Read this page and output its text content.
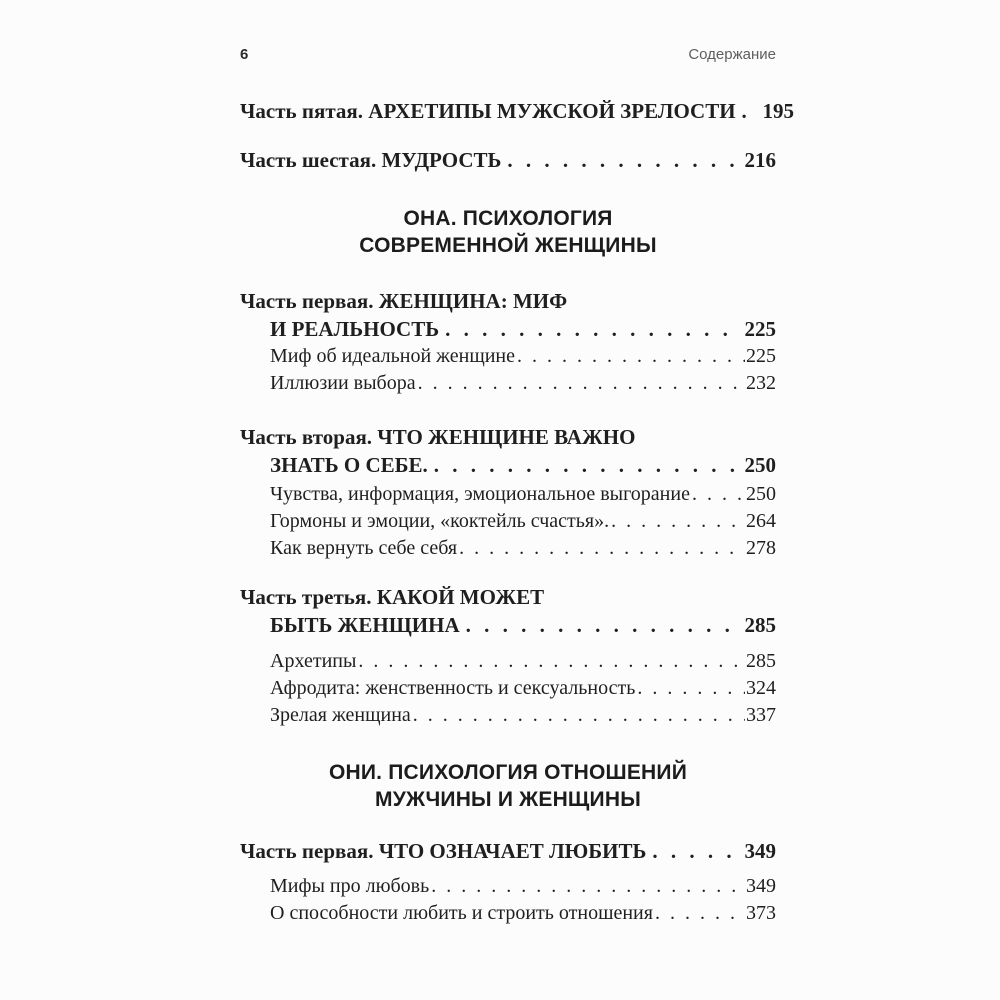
6	Содержание
Часть пятая. АРХЕТИПЫ МУЖСКОЙ ЗРЕЛОСТИ . . . 195
Часть шестая. МУДРОСТЬ . . .	216
ОНА. ПСИХОЛОГИЯ
СОВРЕМЕННОЙ ЖЕНЩИНЫ
Часть первая. ЖЕНЩИНА: МИФ
И РЕАЛЬНОСТЬ . . .	225
Миф об идеальной женщине . . .	225
Иллюзии выбора . . .	232
Часть вторая. ЧТО ЖЕНЩИНЕ ВАЖНО
ЗНАТЬ О СЕБЕ. . . .	250
Чувства, информация, эмоциональное выгорание . . .	250
Гормоны и эмоции, «коктейль счастья». . . .	264
Как вернуть себе себя . . .	278
Часть третья. КАКОЙ МОЖЕТ
БЫТЬ ЖЕНЩИНА . . .	285
Архетипы . . .	285
Афродита: женственность и сексуальность . . .	324
Зрелая женщина . . .	337
ОНИ. ПСИХОЛОГИЯ ОТНОШЕНИЙ
МУЖЧИНЫ И ЖЕНЩИНЫ
Часть первая. ЧТО ОЗНАЧАЕТ ЛЮБИТЬ . . .	349
Мифы про любовь . . .	349
О способности любить и строить отношения . . .	373
